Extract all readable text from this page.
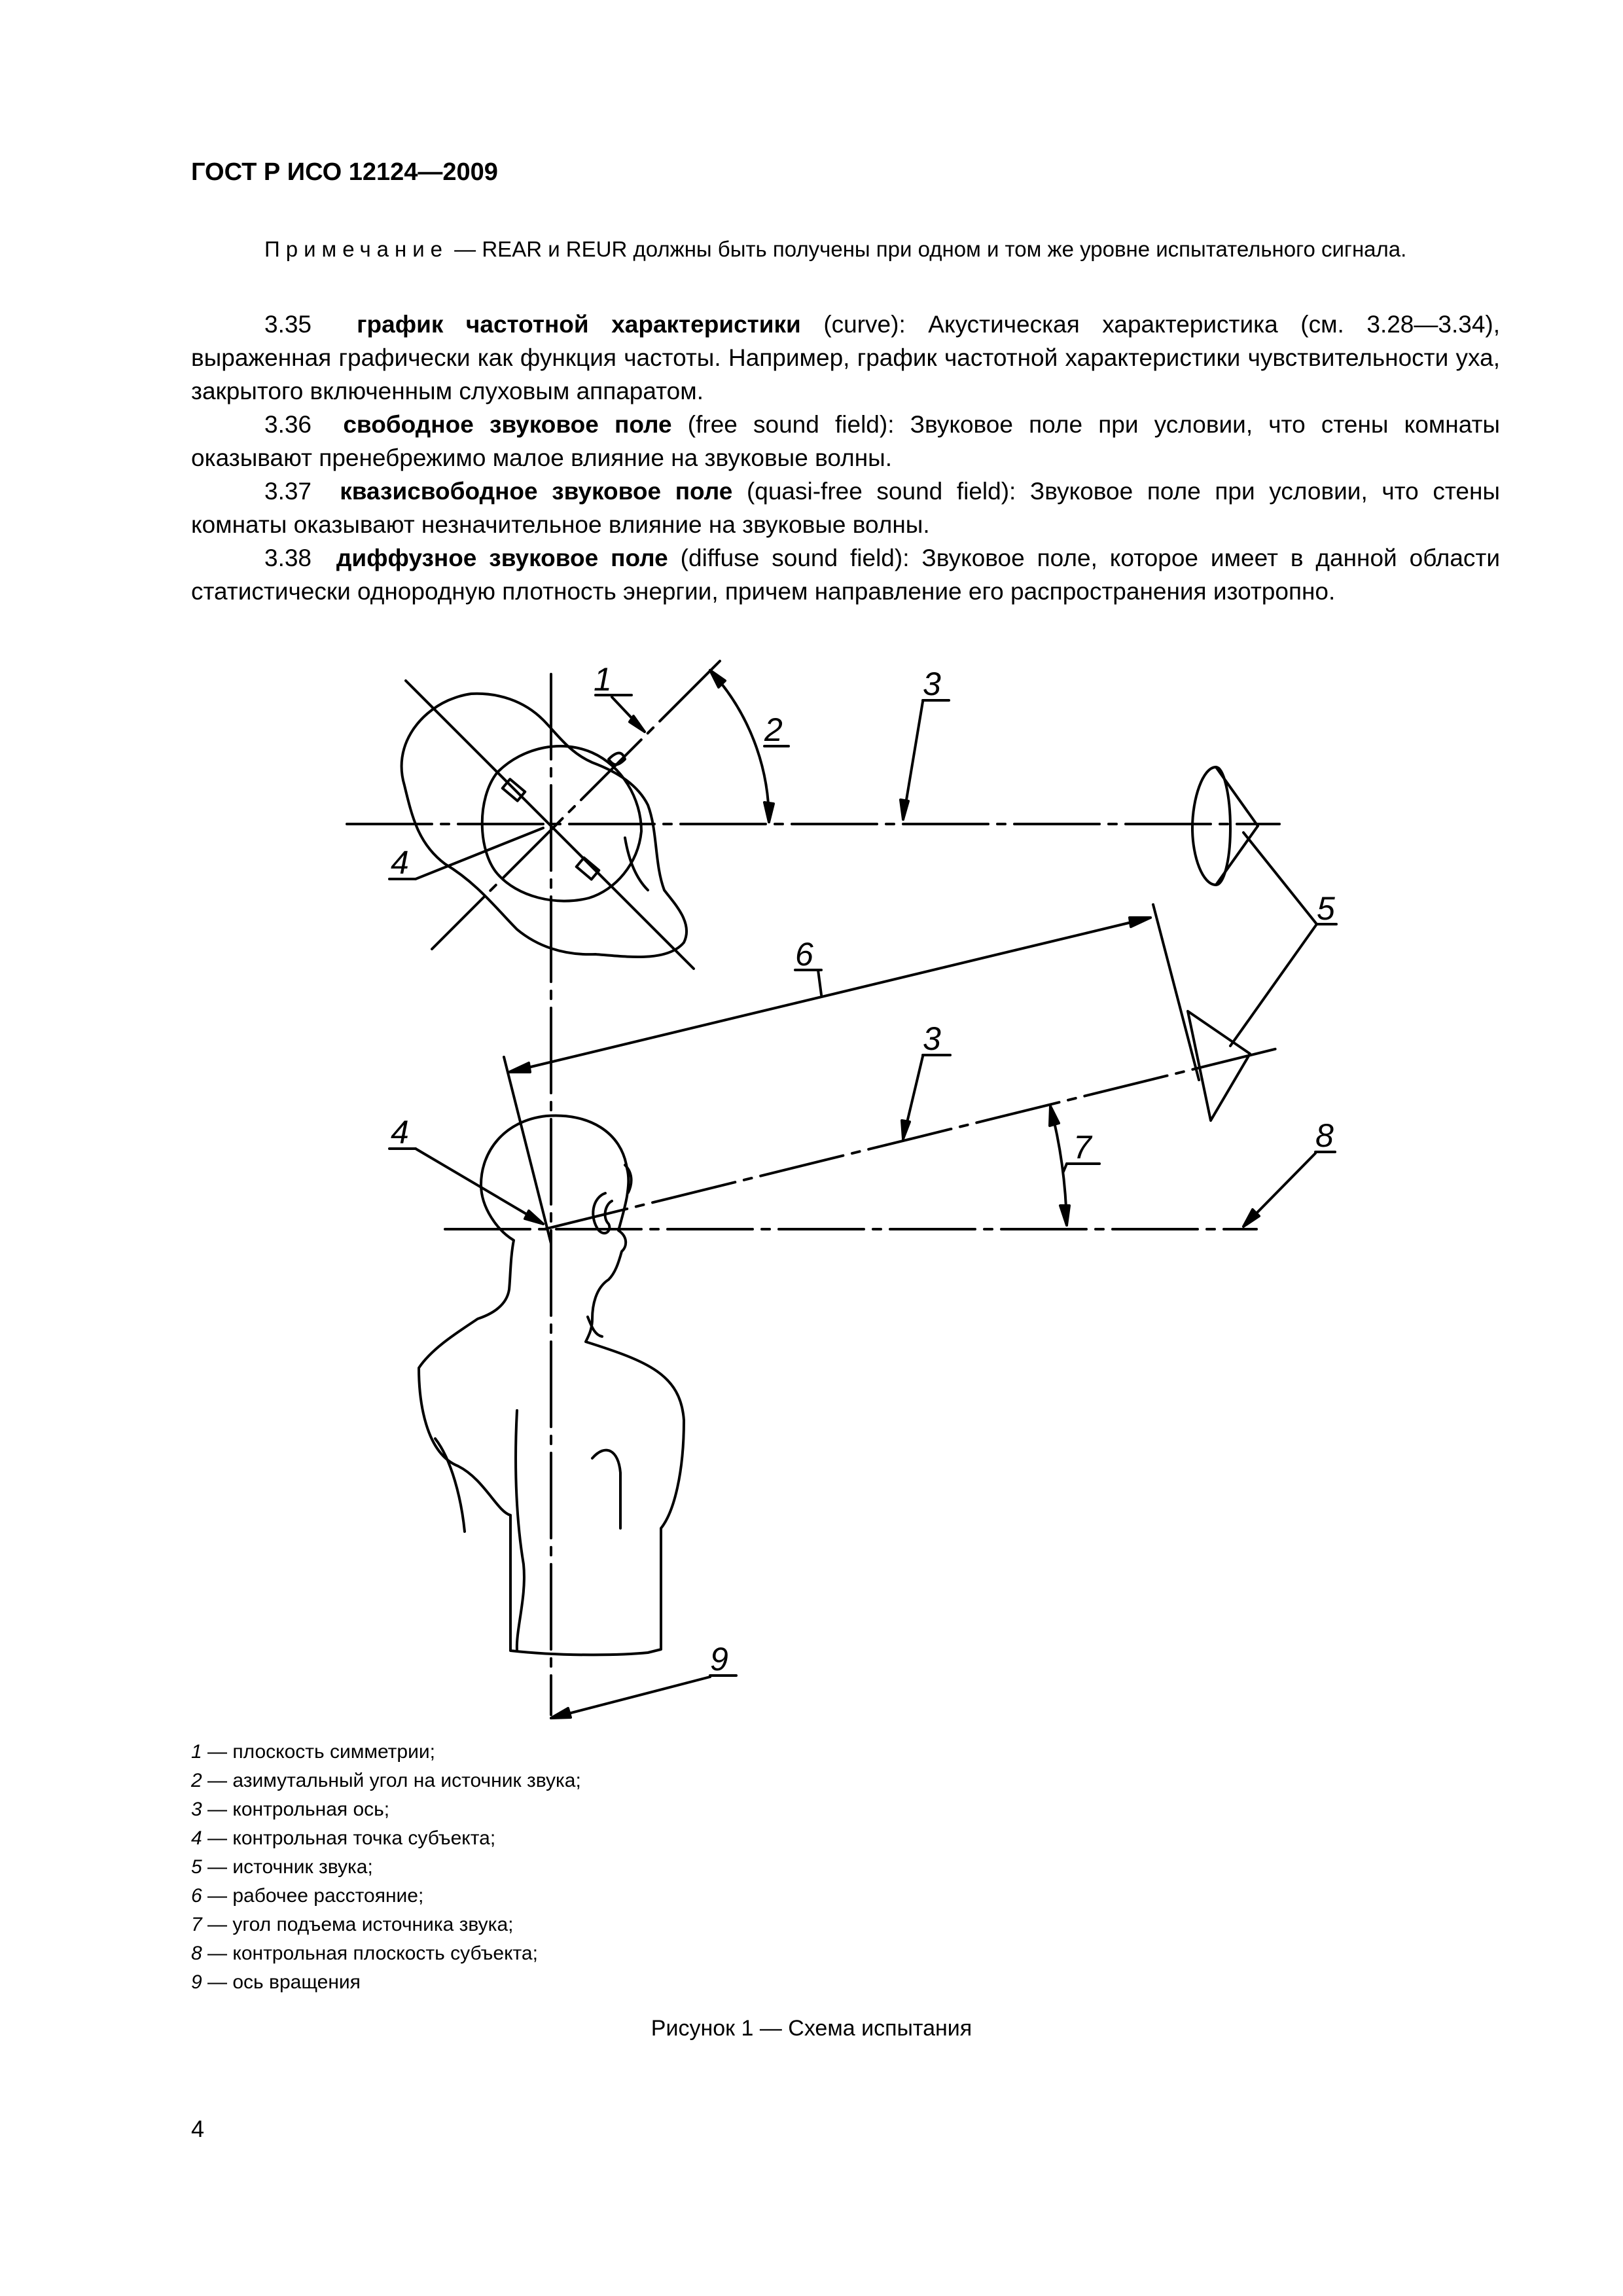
ГОСТ Р ИСО 12124—2009
Примечание — REAR и REUR должны быть получены при одном и том же уровне испытательного сигнала.
3.35 график частотной характеристики (curve): Акустическая характеристика (см. 3.28—3.34), выраженная графически как функция частоты. Например, график частотной характеристики чувствительности уха, закрытого включенным слуховым аппаратом.
3.36 свободное звуковое поле (free sound field): Звуковое поле при условии, что стены комнаты оказывают пренебрежимо малое влияние на звуковые волны.
3.37 квазисвободное звуковое поле (quasi-free sound field): Звуковое поле при условии, что стены комнаты оказывают незначительное влияние на звуковые волны.
3.38 диффузное звуковое поле (diffuse sound field): Звуковое поле, которое имеет в данной области статистически однородную плотность энергии, причем направление его распространения изотропно.
1
2
3
4
5
6
3
4	7	8
9
1 — плоскость симметрии;
2 — азимутальный угол на источник звука;
3 — контрольная ось;
4 — контрольная точка субъекта;
5 — источник звука;
6 — рабочее расстояние;
7 — угол подъема источника звука;
8 — контрольная плоскость субъекта;
9 — ось вращения
Рисунок 1 — Схема испытания
4
